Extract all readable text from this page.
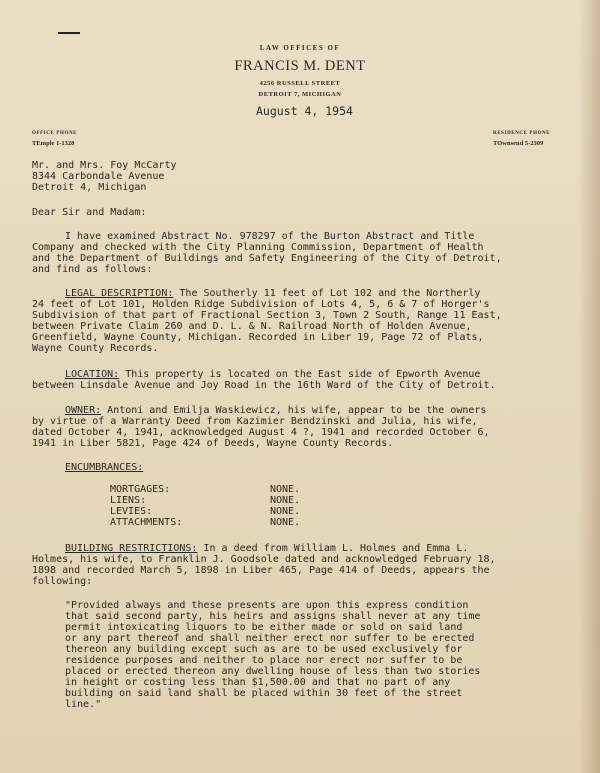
LAW OFFICES OF
FRANCIS M. DENT
4256 RUSSELL STREET
DETROIT 7, MICHIGAN
August 4, 1954
OFFICE PHONE
TEmple 1-1328
RESIDENCE PHONE
TOwnsend 5-2309
Mr. and Mrs. Foy McCarty
8344 Carbondale Avenue
Detroit 4, Michigan
Dear Sir and Madam:
I have examined Abstract No. 978297 of the Burton Abstract and Title
Company and checked with the City Planning Commission, Department of Health
and the Department of Buildings and Safety Engineering of the City of Detroit,
and find as follows:
LEGAL DESCRIPTION: The Southerly 11 feet of Lot 102 and the Northerly
24 feet of Lot 101, Holden Ridge Subdivision of Lots 4, 5, 6 & 7 of Horger's
Subdivision of that part of Fractional Section 3, Town 2 South, Range 11 East,
between Private Claim 260 and D. L. & N. Railroad North of Holden Avenue,
Greenfield, Wayne County, Michigan. Recorded in Liber 19, Page 72 of Plats,
Wayne County Records.
LOCATION: This property is located on the East side of Epworth Avenue
between Linsdale Avenue and Joy Road in the 16th Ward of the City of Detroit.
OWNER: Antoni and Emilja Waskiewicz, his wife, appear to be the owners
by virtue of a Warranty Deed from Kazimier Bendzinski and Julia, his wife,
dated October 4, 1941, acknowledged August 4 ?, 1941 and recorded October 6,
1941 in Liber 5821, Page 424 of Deeds, Wayne County Records.
ENCUMBRANCES:
MORTGAGES:	NONE.
LIENS:	NONE.
LEVIES:	NONE.
ATTACHMENTS:	NONE.
BUILDING RESTRICTIONS: In a deed from William L. Holmes and Emma L.
Holmes, his wife, to Franklin J. Goodsole dated and acknowledged February 18,
1898 and recorded March 5, 1898 in Liber 465, Page 414 of Deeds, appears the
following:
"Provided always and these presents are upon this express condition
that said second party, his heirs and assigns shall never at any time
permit intoxicating liquors to be either made or sold on said land
or any part thereof and shall neither erect nor suffer to be erected
thereon any building except such as are to be used exclusively for
residence purposes and neither to place nor erect nor suffer to be
placed or erected thereon any dwelling house of less than two stories
in height or costing less than $1,500.00 and that no part of any
building on said land shall be placed within 30 feet of the street
line."
